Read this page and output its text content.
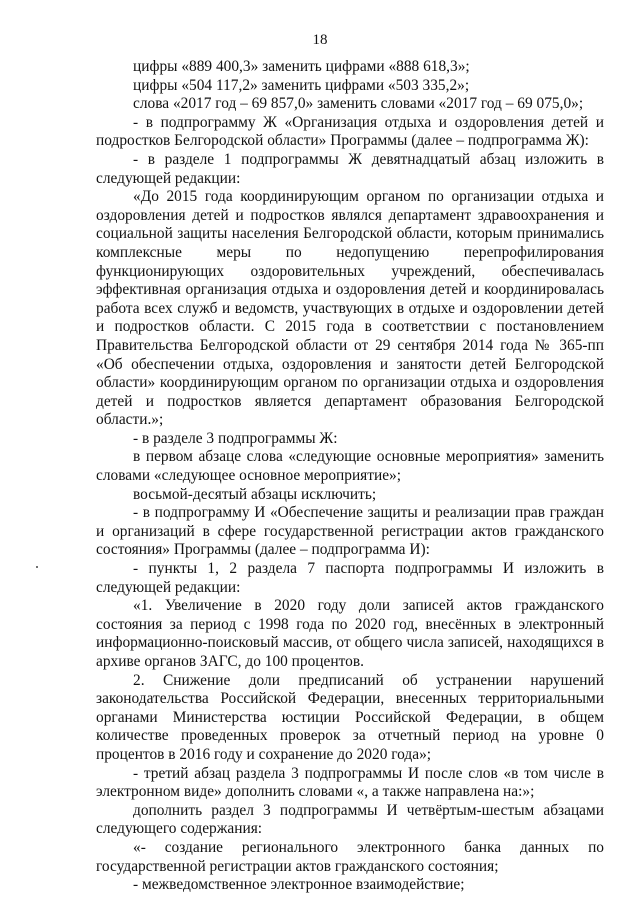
18

цифры «889 400,3» заменить цифрами «888 618,3»;

цифры «504 117,2» заменить цифрами «503 335,2»;

слова «2017 год – 69 857,0» заменить словами «2017 год – 69 075,0»;

- в подпрограмму Ж «Организация отдыха и оздоровления детей и подростков Белгородской области» Программы (далее – подпрограмма Ж):

- в разделе 1 подпрограммы Ж девятнадцатый абзац изложить в следующей редакции:

«До 2015 года координирующим органом по организации отдыха и оздоровления детей и подростков являлся департамент здравоохранения и социальной защиты населения Белгородской области, которым принимались комплексные меры по недопущению перепрофилирования функционирующих оздоровительных учреждений, обеспечивалась эффективная организация отдыха и оздоровления детей и координировалась работа всех служб и ведомств, участвующих в отдыхе и оздоровлении детей и подростков области. С 2015 года в соответствии с постановлением Правительства Белгородской области от 29 сентября 2014 года № 365-пп «Об обеспечении отдыха, оздоровления и занятости детей Белгородской области» координирующим органом по организации отдыха и оздоровления детей и подростков является департамент образования Белгородской области.»;

- в разделе 3 подпрограммы Ж:

в первом абзаце слова «следующие основные мероприятия» заменить словами «следующее основное мероприятие»;

восьмой-десятый абзацы исключить;

- в подпрограмму И «Обеспечение защиты и реализации прав граждан и организаций в сфере государственной регистрации актов гражданского состояния» Программы (далее – подпрограмма И):

- пункты 1, 2 раздела 7 паспорта подпрограммы И изложить в следующей редакции:

«1. Увеличение в 2020 году доли записей актов гражданского состояния за период с 1998 года по 2020 год, внесённых в электронный информационно-поисковый массив, от общего числа записей, находящихся в архиве органов ЗАГС, до 100 процентов.

2. Снижение доли предписаний об устранении нарушений законодательства Российской Федерации, внесенных территориальными органами Министерства юстиции Российской Федерации, в общем количестве проведенных проверок за отчетный период на уровне 0 процентов в 2016 году и сохранение до 2020 года»;

- третий абзац раздела 3 подпрограммы И после слов «в том числе в электронном виде» дополнить словами «, а также направлена на:»;

дополнить раздел 3 подпрограммы И четвёртым-шестым абзацами следующего содержания:

«- создание регионального электронного банка данных по государственной регистрации актов гражданского состояния;

- межведомственное электронное взаимодействие;
